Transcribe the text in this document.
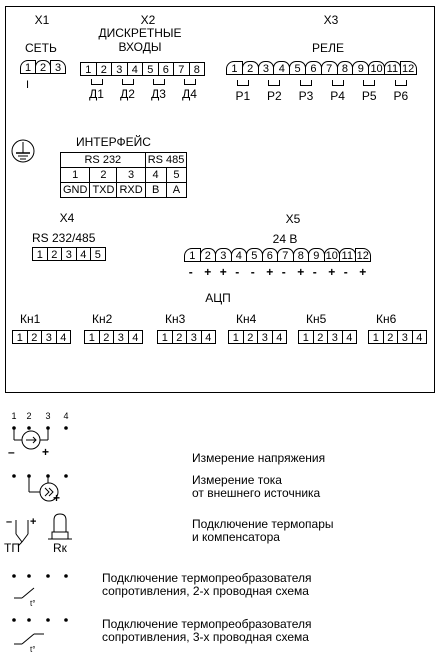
X1
СЕТЬ
1 2 3
I
X2
ДИСКРЕТНЫЕ
ВХОДЫ
1 2 3 4 5 6 7 8
Д1 Д2 Д3 Д4
X3
РЕЛЕ
1 2 3 4 5 6 7 8 9 10 11 12
Р1 Р2 Р3 Р4 Р5 Р6
ИНТЕРФЕЙС
RS 232			RS 485	
1	2	3	4	5
GND	TXD	RXD	B	A
X4
RS 232/485
1 2 3 4 5
X5
24 В
1 2 3 4 5 6 7 8 9 10 11 12
- + + - - + - + - + - +
АЦП
Кн1
1 2 3 4
Кн2
1 2 3 4
Кн3
1 2 3 4
Кн4
1 2 3 4
Кн5
1 2 3 4
Кн6
1 2 3 4
1 2 3 4
– +	Измерение напряжения
+
Измерение тока
от внешнего источника
– +
ТП	Rк
Подключение термопары
и компенсатора
t°
Подключение термопреобразователя
сопротивления, 2-х проводная схема
t°
Подключение термопреобразователя
сопротивления, 3-х проводная схема
